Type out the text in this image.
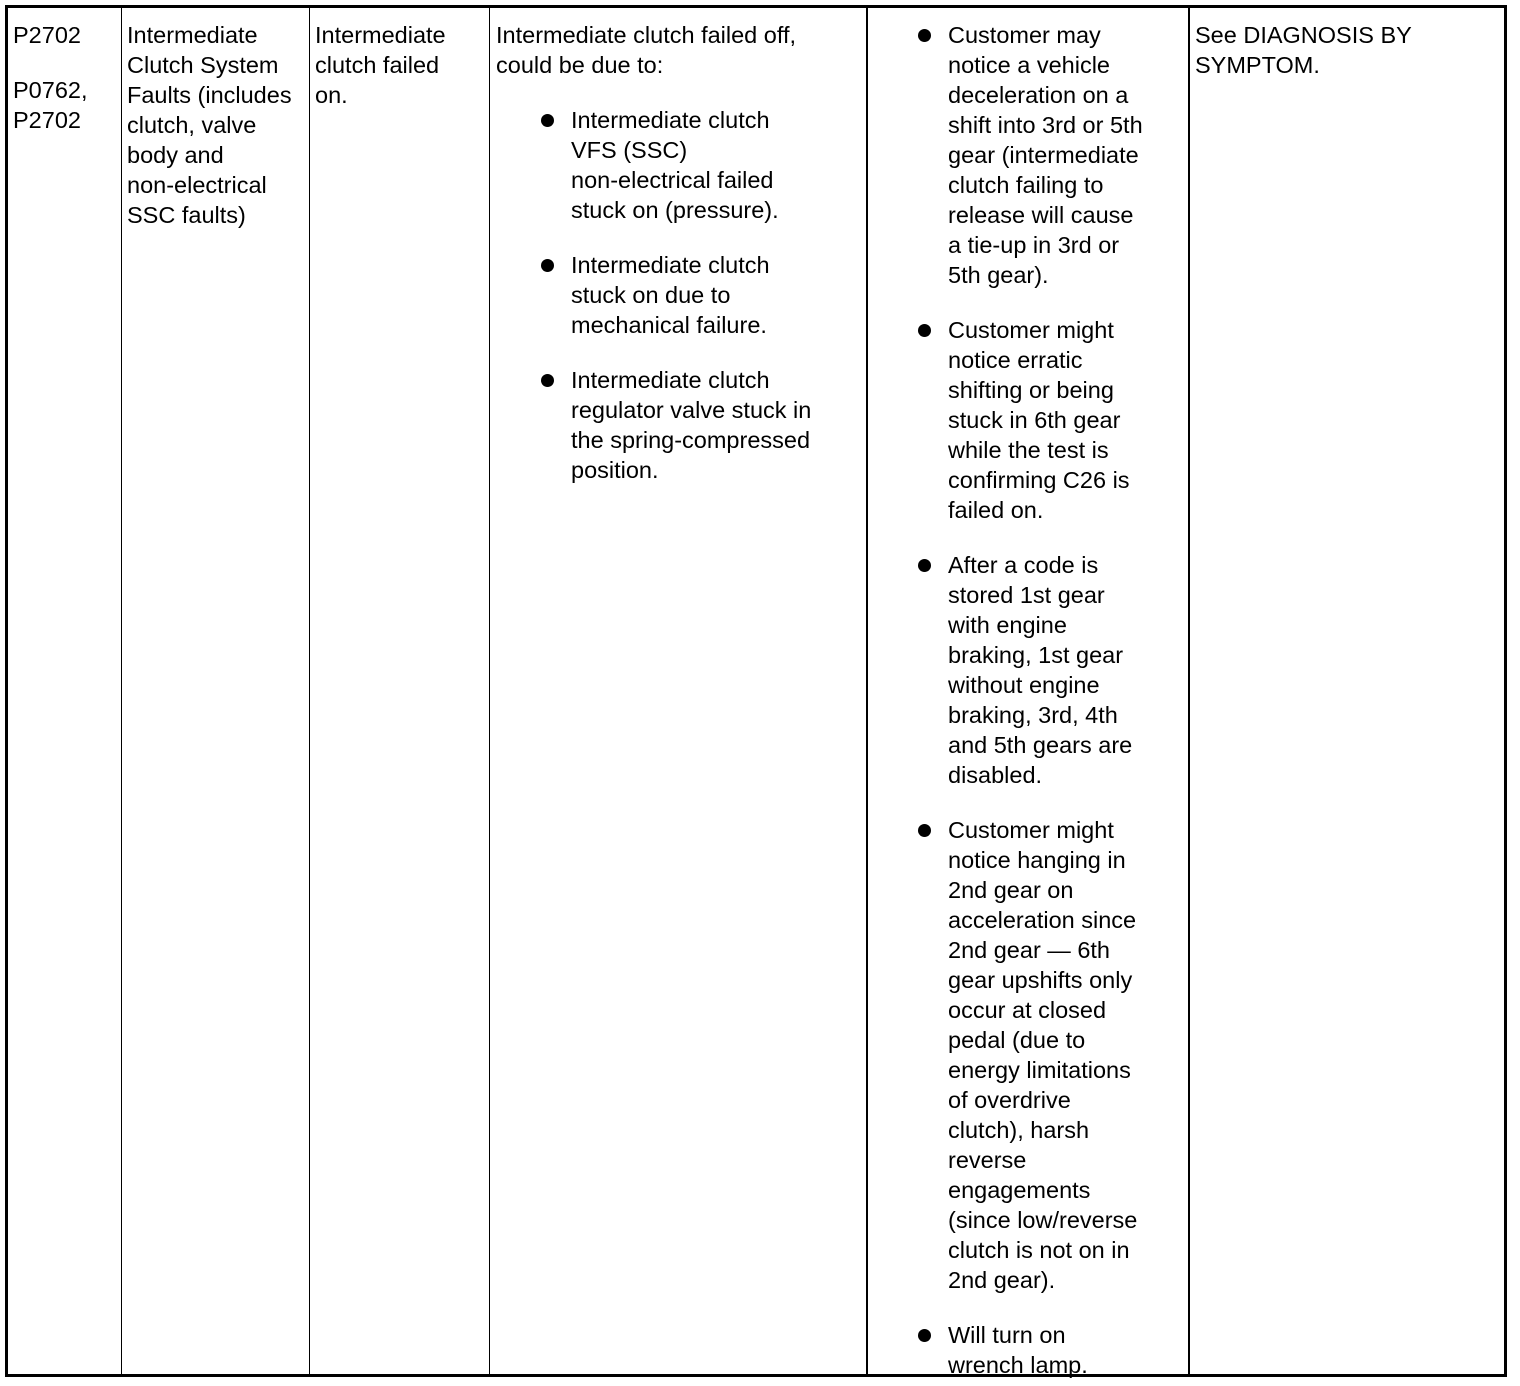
P2702

P0762,
P2702

Intermediate
Clutch System
Faults (includes
clutch, valve
body and
non-electrical
SSC faults)

Intermediate
clutch failed
on.

Intermediate clutch failed off,
could be due to:

Intermediate clutch
VFS (SSC)
non-electrical failed
stuck on (pressure).
Intermediate clutch
stuck on due to
mechanical failure.
Intermediate clutch
regulator valve stuck in
the spring-compressed
position.
Customer may
notice a vehicle
deceleration on a
shift into 3rd or 5th
gear (intermediate
clutch failing to
release will cause
a tie-up in 3rd or
5th gear).
Customer might
notice erratic
shifting or being
stuck in 6th gear
while the test is
confirming C26 is
failed on.
After a code is
stored 1st gear
with engine
braking, 1st gear
without engine
braking, 3rd, 4th
and 5th gears are
disabled.
Customer might
notice hanging in
2nd gear on
acceleration since
2nd gear — 6th
gear upshifts only
occur at closed
pedal (due to
energy limitations
of overdrive
clutch), harsh
reverse
engagements
(since low/reverse
clutch is not on in
2nd gear).
Will turn on
wrench lamp.

See DIAGNOSIS BY
SYMPTOM.
